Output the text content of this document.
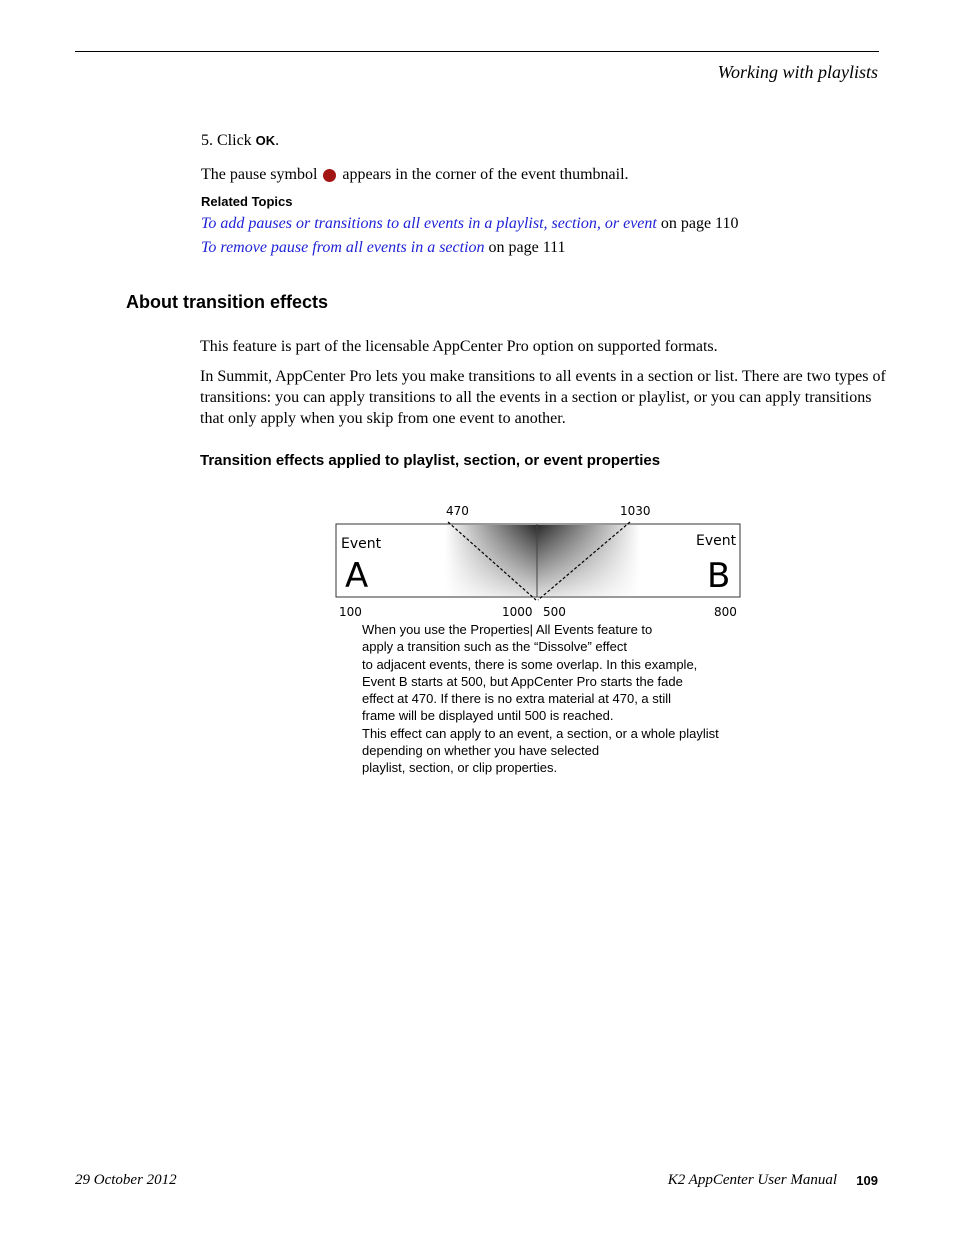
Working with playlists
5. Click OK.
The pause symbol  appears in the corner of the event thumbnail.
Related Topics
To add pauses or transitions to all events in a playlist, section, or event on page 110
To remove pause from all events in a section on page 111
About transition effects
This feature is part of the licensable AppCenter Pro option on supported formats.
In Summit, AppCenter Pro lets you make transitions to all events in a section or list. There are two types of transitions: you can apply transitions to all the events in a section or playlist, or you can apply transitions that only apply when you skip from one event to another.
Transition effects applied to playlist, section, or event properties
470	1030
Event
A
Event
B
100	1000 500	800
When you use the Properties| All Events feature to
apply a transition such as the “Dissolve” effect
to adjacent events, there is some overlap. In this example,
Event B starts at 500, but AppCenter Pro starts the fade
effect at 470. If there is no extra material at 470, a still
frame will be displayed until 500 is reached.
This effect can apply to an event, a section, or a whole playlist
depending on whether you have selected
playlist, section, or clip properties.
29 October 2012	K2 AppCenter User Manual 109
